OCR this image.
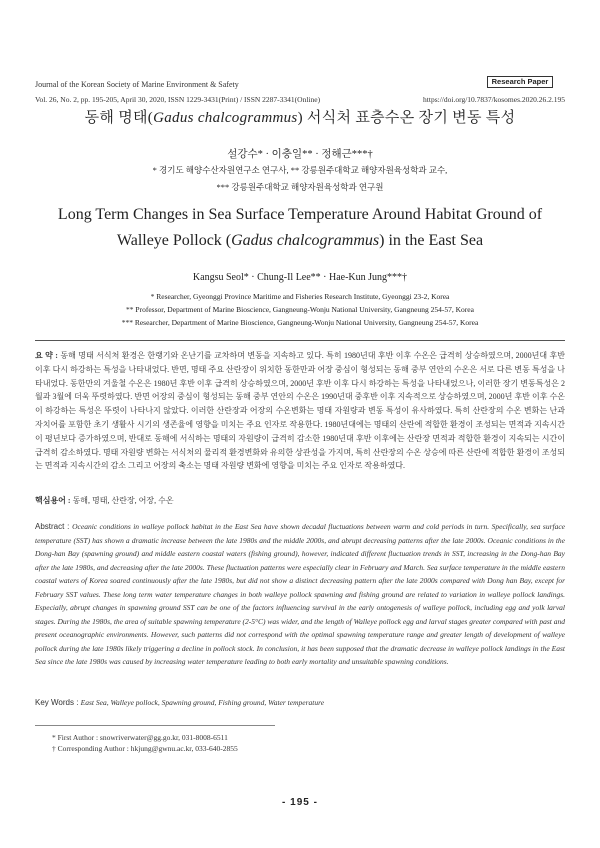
Journal of the Korean Society of Marine Environment & Safety	Research Paper
Vol. 26, No. 2, pp. 195-205, April 30, 2020, ISSN 1229-3431(Print) / ISSN 2287-3341(Online)	https://doi.org/10.7837/kosomes.2020.26.2.195
동해 명태(Gadus chalcogrammus) 서식처 표층수온 장기 변동 특성
설강수* · 이충일** · 정해근***†
* 경기도 해양수산자원연구소 연구사, ** 강릉원주대학교 해양자원육성학과 교수,
*** 강릉원주대학교 해양자원육성학과 연구원
Long Term Changes in Sea Surface Temperature Around Habitat Ground of
Walleye Pollock (Gadus chalcogrammus) in the East Sea
Kangsu Seol* · Chung-Il Lee** · Hae-Kun Jung***†
* Researcher, Gyeonggi Province Maritime and Fisheries Research Institute, Gyeonggi 23-2, Korea
** Professor, Department of Marine Bioscience, Gangneung-Wonju National University, Gangneung 254-57, Korea
*** Researcher, Department of Marine Bioscience, Gangneung-Wonju National University, Gangneung 254-57, Korea
요 약 : 동해 명태 서식처 환경은 한랭기와 온난기를 교차하며 변동을 지속하고 있다. 특히 1980년대 후반 이후 수온은 급격히 상승하였으며, 2000년대 후반 이후 다시 하강하는 특성을 나타내었다. 반면, 명태 주요 산란장이 위치한 동한만과 어장 중심이 형성되는 동해 중부 연안의 수온은 서로 다른 변동 특성을 나타내었다. 동한만의 겨울철 수온은 1980년 후반 이후 급격히 상승하였으며, 2000년 후반 이후 다시 하강하는 특성을 나타내었으나, 이러한 장기 변동특성은 2월과 3월에 더욱 뚜렷하였다. 반면 어장의 중심이 형성되는 동해 중부 연안의 수온은 1990년대 중후반 이후 지속적으로 상승하였으며, 2000년 후반 이후 수온이 하강하는 특성은 뚜렷이 나타나지 않았다. 이러한 산란장과 어장의 수온변화는 명태 자원량과 변동 특성이 유사하였다. 특히 산란장의 수온 변화는 난과 자치어를 포함한 초기 생활사 시기의 생존율에 영향을 미치는 주요 인자로 작용한다. 1980년대에는 명태의 산란에 적합한 환경이 조성되는 면적과 지속시간이 평년보다 증가하였으며, 반대로 동해에 서식하는 명태의 자원량이 급격히 감소한 1980년대 후반 이후에는 산란장 면적과 적합한 환경이 지속되는 시간이 급격히 감소하였다. 명태 자원량 변화는 서식처의 물리적 환경변화와 유의한 상관성을 가지며, 특히 산란장의 수온 상승에 따른 산란에 적합한 환경이 조성되는 면적과 지속시간의 감소 그리고 어장의 축소는 명태 자원량 변화에 영향을 미치는 주요 인자로 작용하였다.
핵심용어 : 동해, 명태, 산란장, 어장, 수온
Abstract : Oceanic conditions in walleye pollock habitat in the East Sea have shown decadal fluctuations between warm and cold periods in turn. Specifically, sea surface temperature (SST) has shown a dramatic increase between the late 1980s and the middle 2000s, and abrupt decreasing patterns after the late 2000s. Oceanic conditions in the Dong-han Bay (spawning ground) and middle eastern coastal waters (fishing ground), however, indicated different fluctuation trends in SST, increasing in the Dong-han Bay after the late 1980s, and decreasing after the late 2000s. These fluctuation patterns were especially clear in February and March. Sea surface temperature in the middle eastern coastal waters of Korea soared continuously after the late 1980s, but did not show a distinct decreasing pattern after the late 2000s compared with Dong han Bay, except for February SST values. These long term water temperature changes in both walleye pollock spawning and fishing ground are related to variation in walleye pollock landings. Especially, abrupt changes in spawning ground SST can be one of the factors influencing survival in the early ontogenesis of walleye pollock, including egg and yolk larval stages. During the 1980s, the area of suitable spawning temperature (2-5°C) was wider, and the length of Walleye pollock egg and larval stages greater compared with past and present oceanographic environments. However, such patterns did not correspond with the optimal spawning temperature range and greater length of development of walleye pollock during the late 1980s likely triggering a decline in pollock stock. In conclusion, it has been supposed that the dramatic decrease in walleye pollock landings in the East Sea since the late 1980s was caused by increasing water temperature leading to both early mortality and unsuitable spawning conditions.
Key Words : East Sea, Walleye pollock, Spawning ground, Fishing ground, Water temperature
* First Author : snowriverwater@gg.go.kr, 031-8008-6511
† Corresponding Author : hkjung@gwnu.ac.kr, 033-640-2855
- 195 -
